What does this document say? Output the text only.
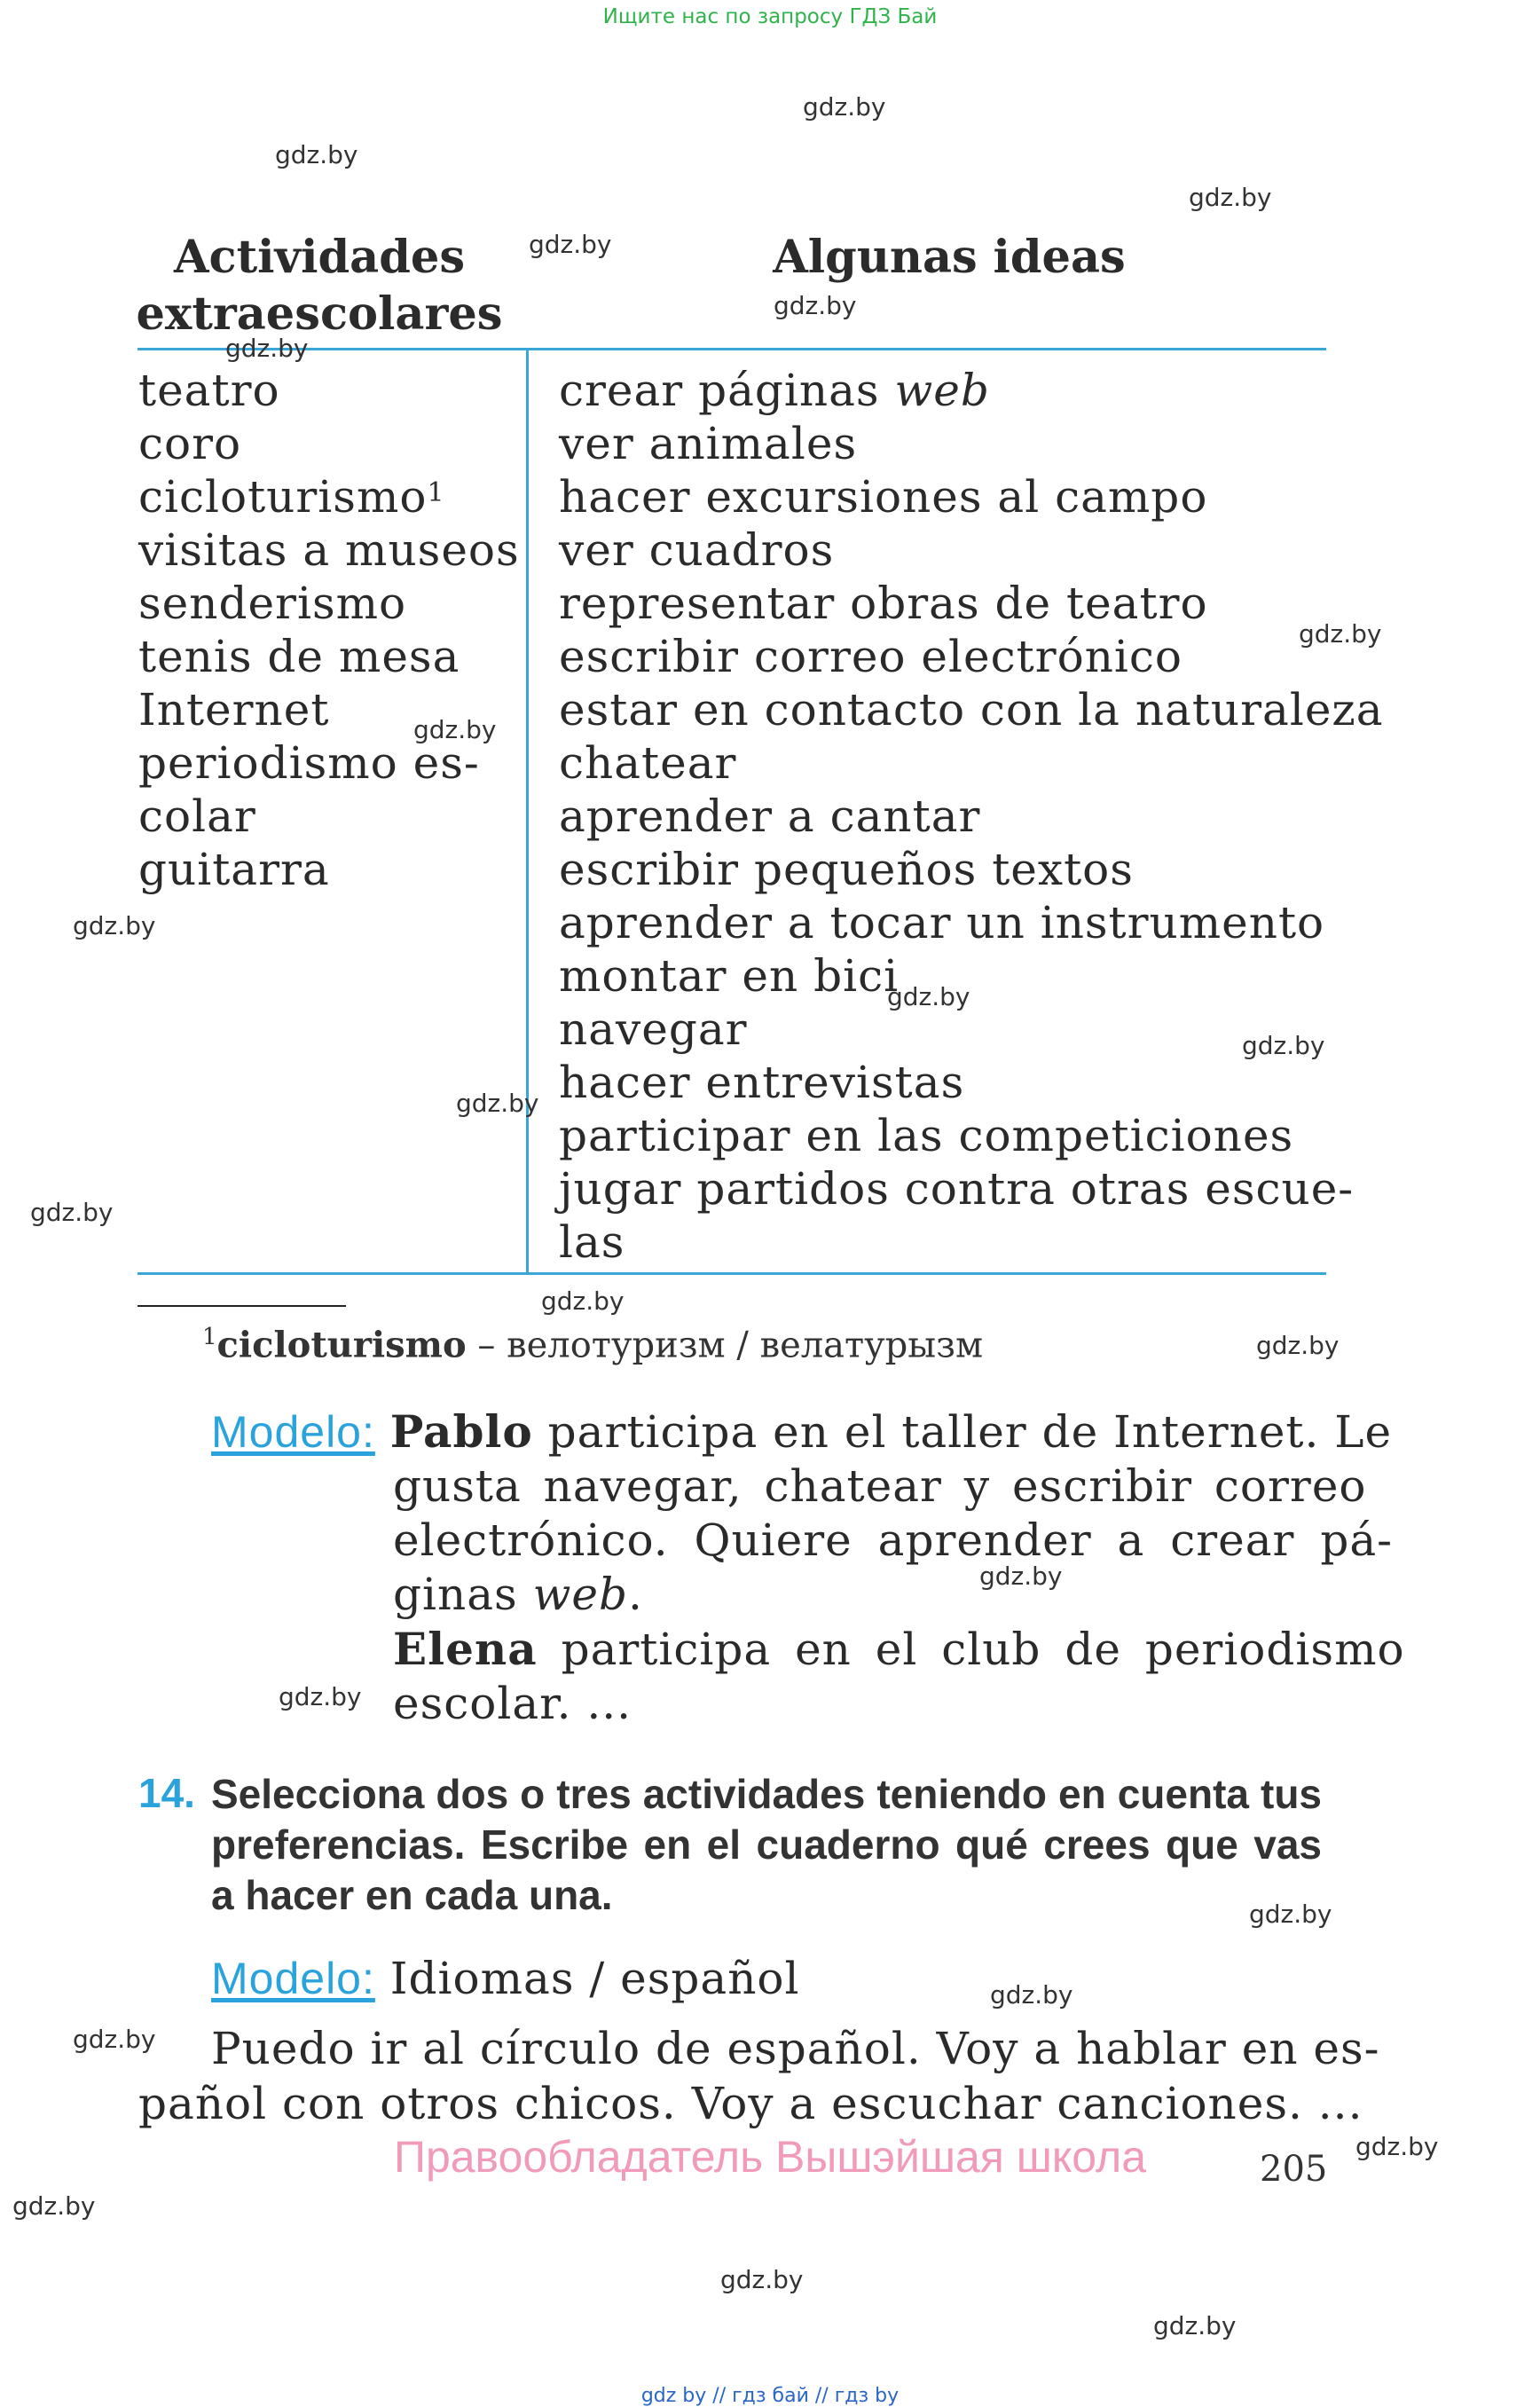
Ищите нас по запросу ГДЗ Бай
Actividades
extraescolares
Algunas ideas
teatro
coro
cicloturismo$^1$
visitas a museos
senderismo
tenis de mesa
Internet
periodismo es-
colar
guitarra
crear páginas web
ver animales
hacer excursiones al campo
ver cuadros
representar obras de teatro
escribir correo electrónico
estar en contacto con la naturaleza
chatear
aprender a cantar
escribir pequeños textos
aprender a tocar un instrumento
montar en bici
navegar
hacer entrevistas
participar en las competiciones
jugar partidos contra otras escue-
las
$^1$cicloturismo – велотуризм / велатурызм
Modelo: Pablo participa en el taller de Internet. Le
gusta navegar, chatear y escribir correo
electrónico. Quiere aprender a crear pá-
ginas web.
Elena participa en el club de periodismo
escolar. ...
14. Selecciona dos o tres actividades teniendo en cuenta tus preferencias. Escribe en el cuaderno qué crees que vas a hacer en cada una.
Modelo: Idiomas / español
Puedo ir al círculo de español. Voy a hablar en es-
pañol con otros chicos. Voy a escuchar canciones. ...
Правообладатель Вышэйшая школа	205
gdz by // гдз бай // гдз by
gdz.by
gdz.by
gdz.by
gdz.by
gdz.by
gdz.by
gdz.by
gdz.by
gdz.by
gdz.by
gdz.by
gdz.by
gdz.by
gdz.by
gdz.by
gdz.by
gdz.by
gdz.by
gdz.by
gdz.by
gdz.by
gdz.by
gdz.by
gdz.by
